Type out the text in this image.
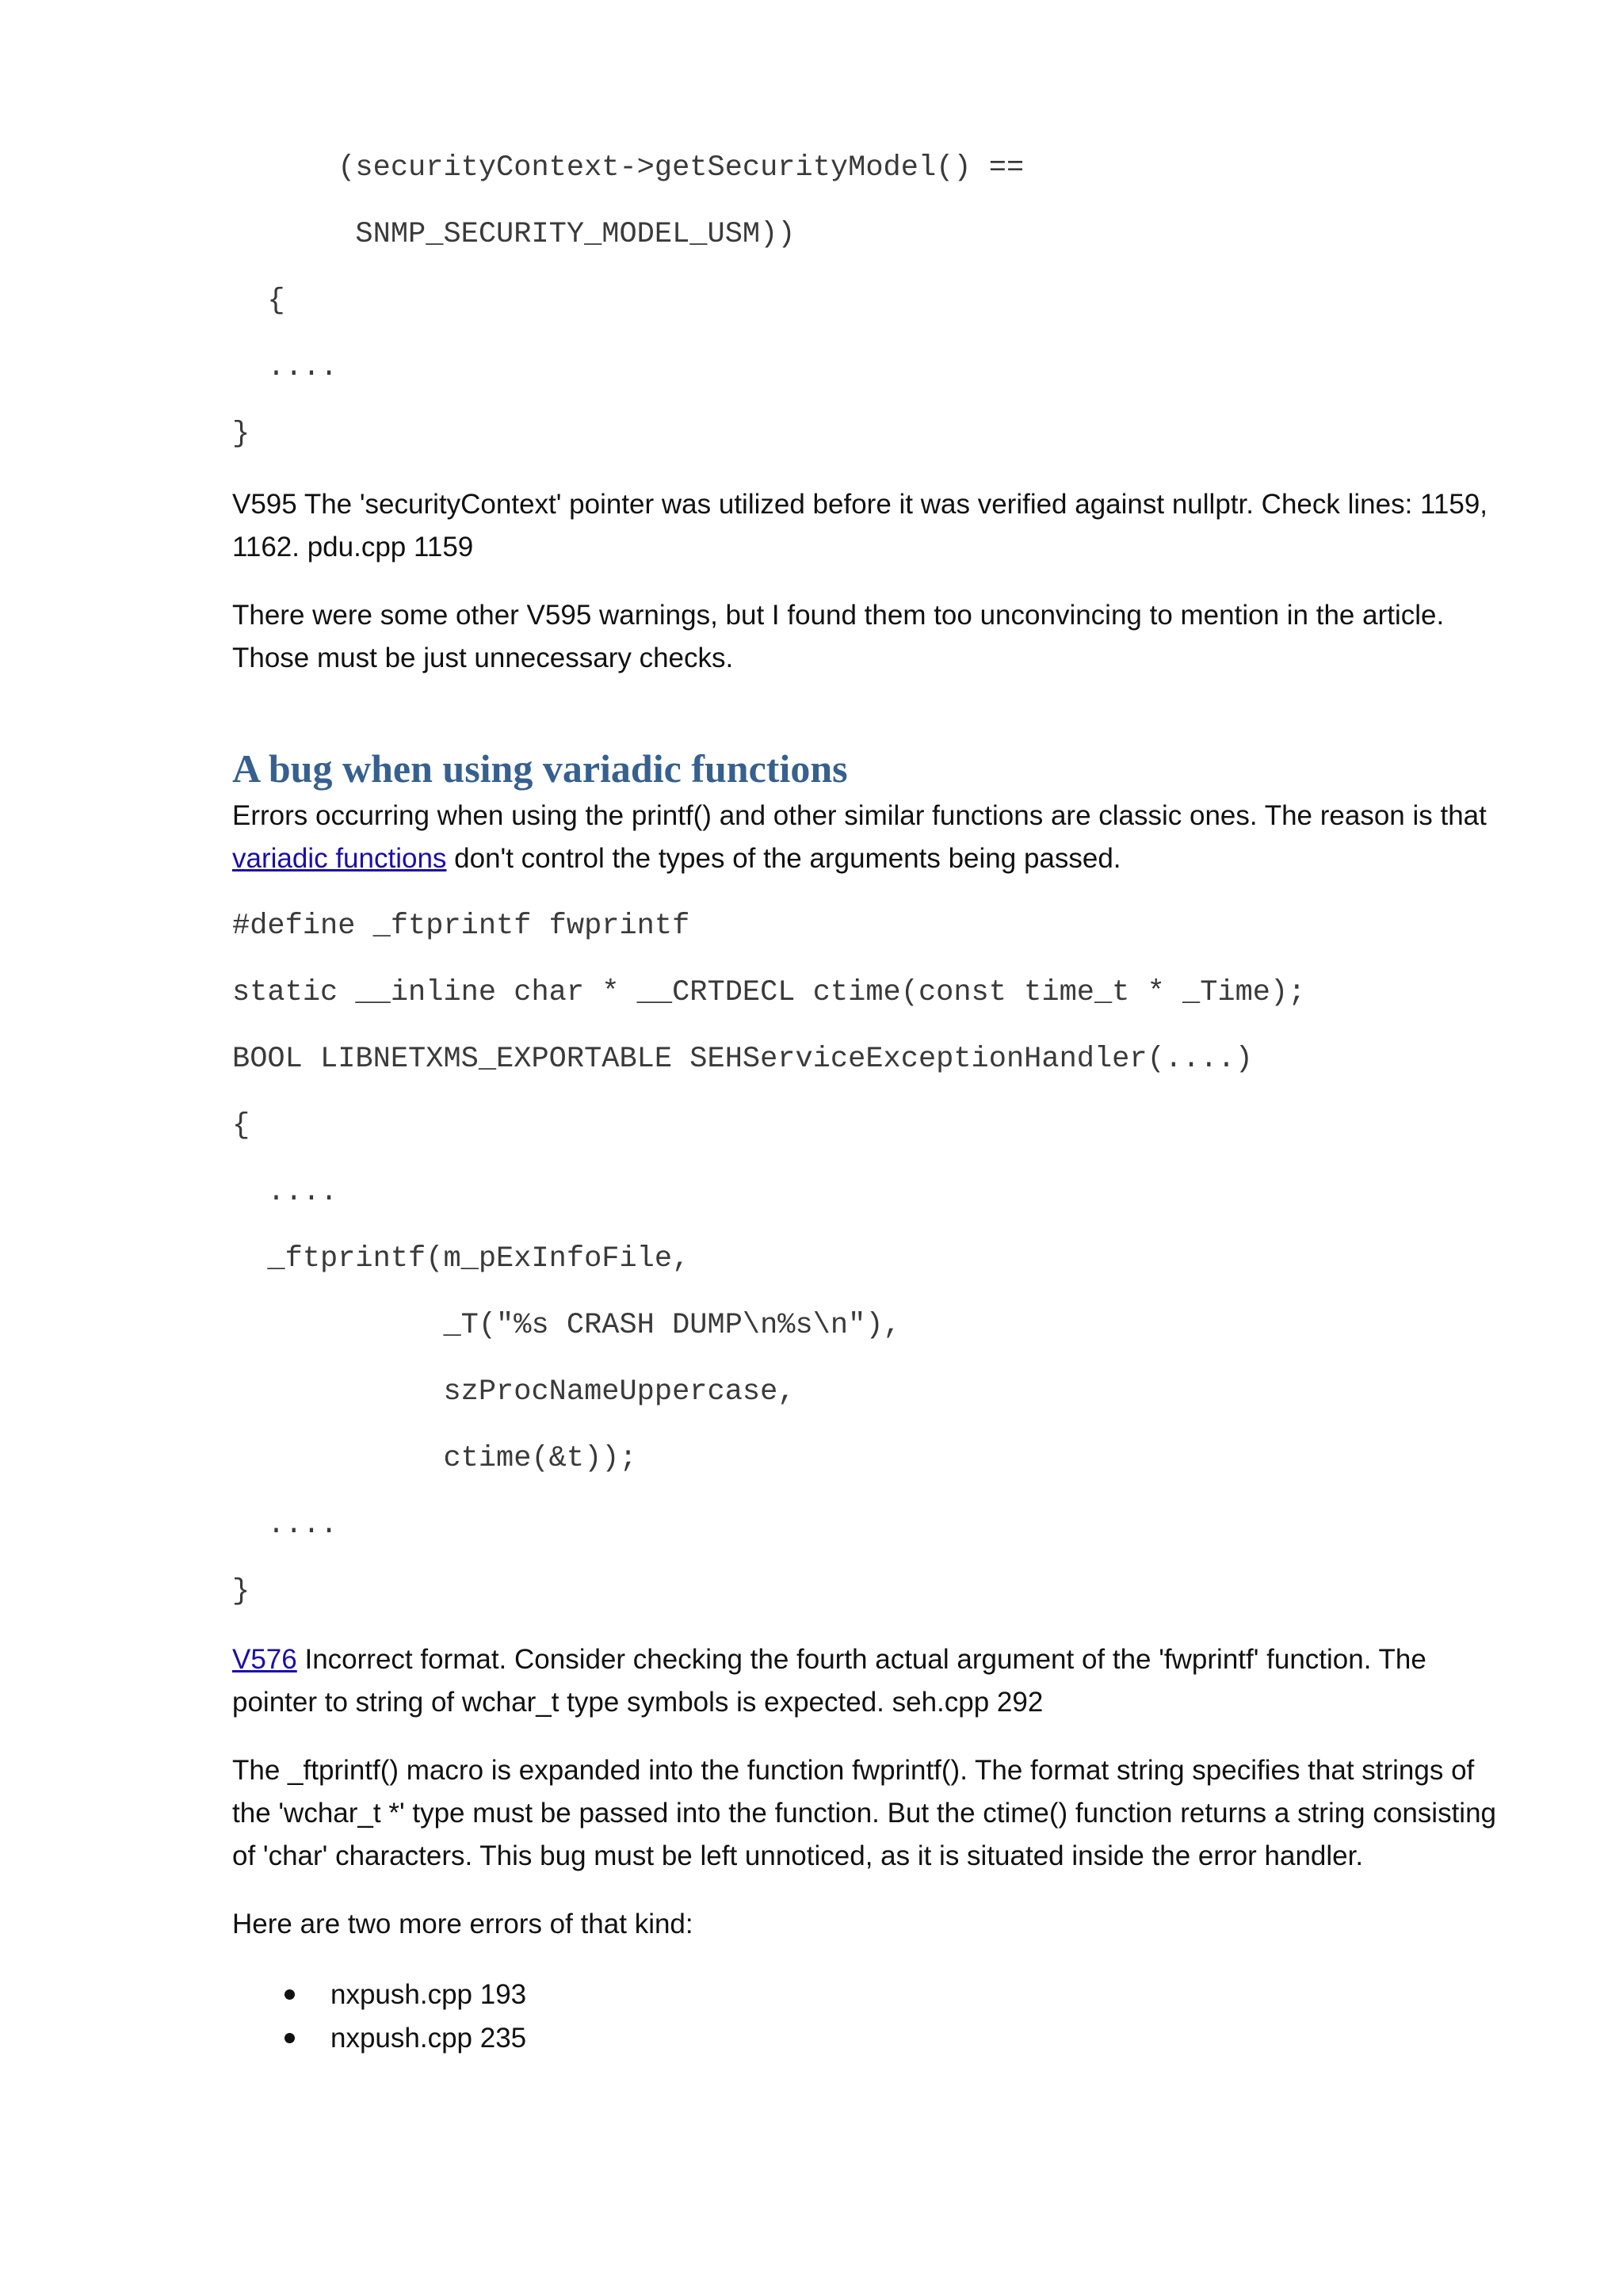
(securityContext->getSecurityModel() ==
SNMP_SECURITY_MODEL_USM))
{
....
}

V595 The 'securityContext' pointer was utilized before it was verified against nullptr. Check lines: 1159, 1162. pdu.cpp 1159

There were some other V595 warnings, but I found them too unconvincing to mention in the article. Those must be just unnecessary checks.

A bug when using variadic functions

Errors occurring when using the printf() and other similar functions are classic ones. The reason is that variadic functions don't control the types of the arguments being passed.

#define _ftprintf fwprintf
static __inline char * __CRTDECL ctime(const time_t * _Time);
BOOL LIBNETXMS_EXPORTABLE SEHServiceExceptionHandler(....)
{
....
_ftprintf(m_pExInfoFile,
_T("%s CRASH DUMP\n%s\n"),
szProcNameUppercase,
ctime(&t));
....
}

V576 Incorrect format. Consider checking the fourth actual argument of the 'fwprintf' function. The pointer to string of wchar_t type symbols is expected. seh.cpp 292

The _ftprintf() macro is expanded into the function fwprintf(). The format string specifies that strings of the 'wchar_t *' type must be passed into the function. But the ctime() function returns a string consisting of 'char' characters. This bug must be left unnoticed, as it is situated inside the error handler.

Here are two more errors of that kind:

nxpush.cpp 193
nxpush.cpp 235
